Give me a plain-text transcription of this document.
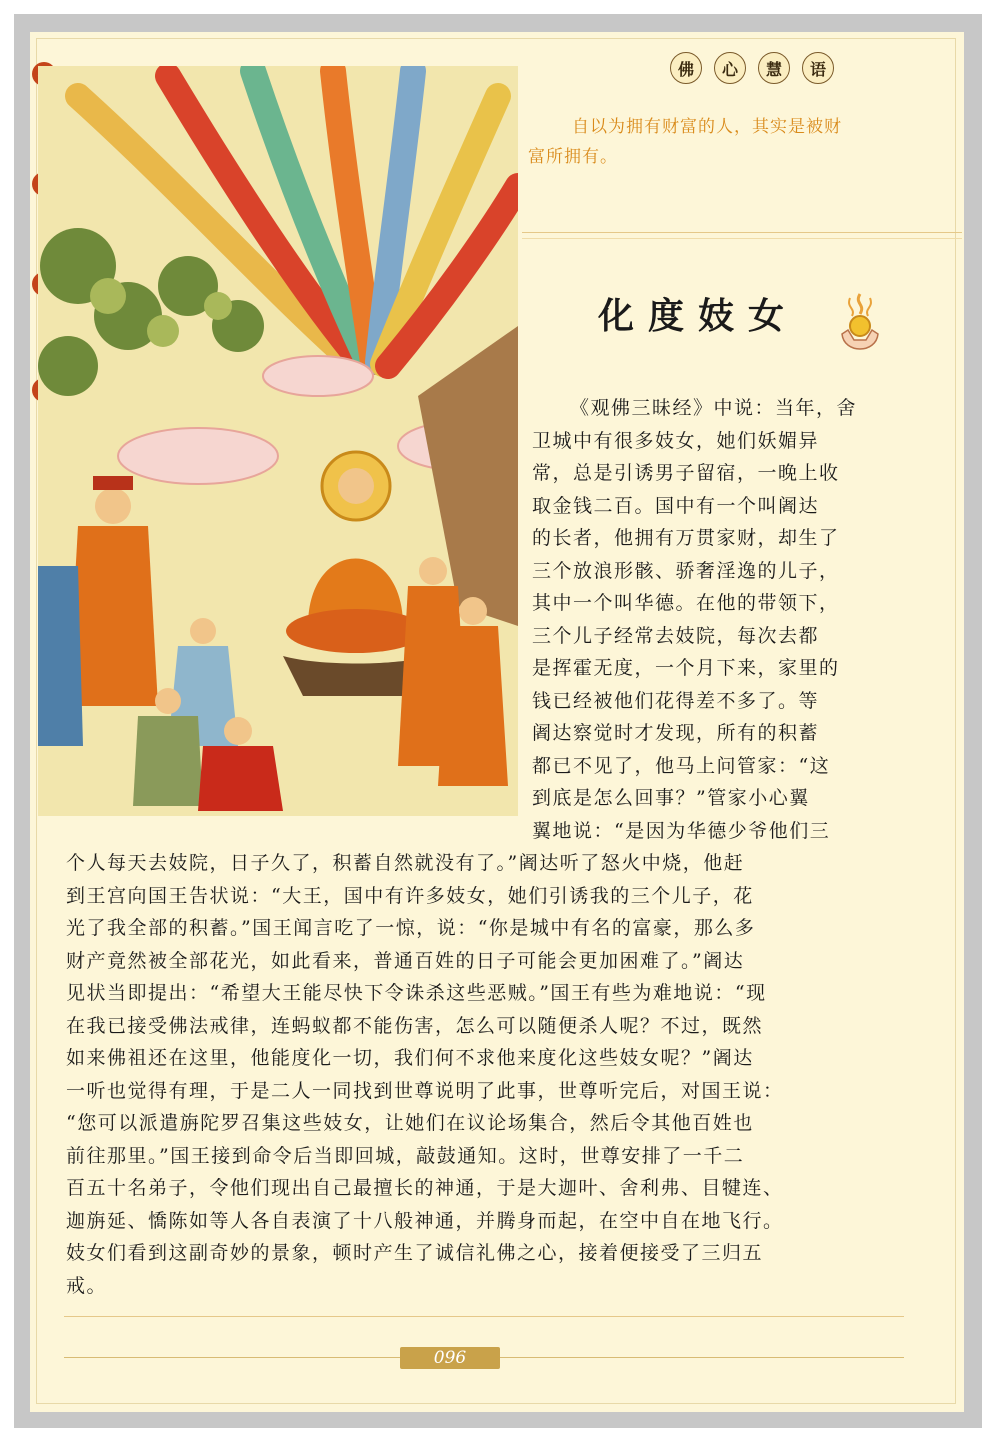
佛	心	慧	语
自以为拥有财富的人，其实是被财富所拥有。
化度妓女
《观佛三昧经》中说：当年，舍
卫城中有很多妓女，她们妖媚异
常，总是引诱男子留宿，一晚上收
取金钱二百。国中有一个叫阇达
的长者，他拥有万贯家财，却生了
三个放浪形骸、骄奢淫逸的儿子，
其中一个叫华德。在他的带领下，
三个儿子经常去妓院，每次去都
是挥霍无度，一个月下来，家里的
钱已经被他们花得差不多了。等
阇达察觉时才发现，所有的积蓄
都已不见了，他马上问管家：“这
到底是怎么回事？”管家小心翼
翼地说：“是因为华德少爷他们三
个人每天去妓院，日子久了，积蓄自然就没有了。”阇达听了怒火中烧，他赶
到王宫向国王告状说：“大王，国中有许多妓女，她们引诱我的三个儿子，花
光了我全部的积蓄。”国王闻言吃了一惊，说：“你是城中有名的富豪，那么多
财产竟然被全部花光，如此看来，普通百姓的日子可能会更加困难了。”阇达
见状当即提出：“希望大王能尽快下令诛杀这些恶贼。”国王有些为难地说：“现
在我已接受佛法戒律，连蚂蚁都不能伤害，怎么可以随便杀人呢？不过，既然
如来佛祖还在这里，他能度化一切，我们何不求他来度化这些妓女呢？”阇达
一听也觉得有理，于是二人一同找到世尊说明了此事，世尊听完后，对国王说：
“您可以派遣旃陀罗召集这些妓女，让她们在议论场集合，然后令其他百姓也
前往那里。”国王接到命令后当即回城，敲鼓通知。这时，世尊安排了一千二
百五十名弟子，令他们现出自己最擅长的神通，于是大迦叶、舍利弗、目犍连、
迦旃延、憍陈如等人各自表演了十八般神通，并腾身而起，在空中自在地飞行。
妓女们看到这副奇妙的景象，顿时产生了诚信礼佛之心，接着便接受了三归五
戒。
096
